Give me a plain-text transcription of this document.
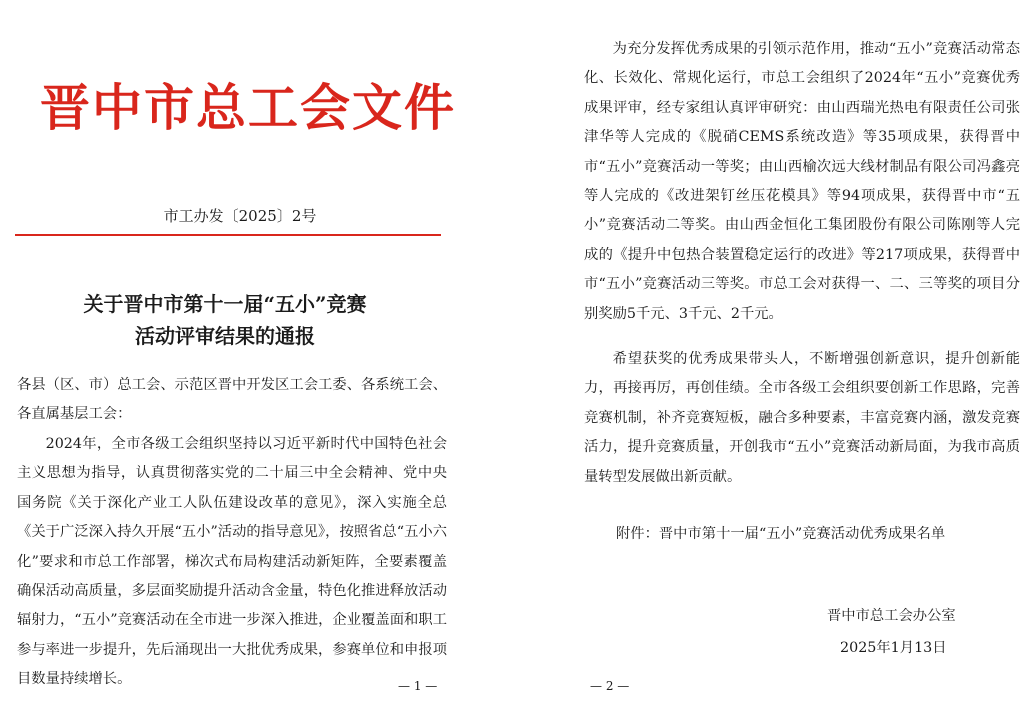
晋中市总工会文件
市工办发〔2025〕2号
关于晋中市第十一届“五小”竞赛
活动评审结果的通报

各县（区、市）总工会、示范区晋中开发区工会工委、各系统工会、各直属基层工会：

2024年，全市各级工会组织坚持以习近平新时代中国特色社会主义思想为指导，认真贯彻落实党的二十届三中全会精神、党中央 国务院《关于深化产业工人队伍建设改革的意见》，深入实施全总《关于广泛深入持久开展“五小”活动的指导意见》，按照省总“五小六化”要求和市总工作部署，梯次式布局构建活动新矩阵，全要素覆盖确保活动高质量，多层面奖励提升活动含金量，特色化推进释放活动辐射力，“五小”竞赛活动在全市进一步深入推进，企业覆盖面和职工参与率进一步提升，先后涌现出一大批优秀成果，参赛单位和申报项目数量持续增长。	— 1 —

为充分发挥优秀成果的引领示范作用，推动“五小”竞赛活动常态化、长效化、常规化运行，市总工会组织了2024年“五小”竞赛优秀成果评审，经专家组认真评审研究：由山西瑞光热电有限责任公司张津华等人完成的《脱硝CEMS系统改造》等35项成果，获得晋中市“五小”竞赛活动一等奖；由山西榆次远大线材制品有限公司冯鑫亮等人完成的《改进架钉丝压花模具》等94项成果，获得晋中市“五小”竞赛活动二等奖。由山西金恒化工集团股份有限公司陈刚等人完成的《提升中包热合装置稳定运行的改进》等217项成果，获得晋中市“五小”竞赛活动三等奖。市总工会对获得一、二、三等奖的项目分别奖励5千元、3千元、2千元。

希望获奖的优秀成果带头人，不断增强创新意识，提升创新能力，再接再厉，再创佳绩。全市各级工会组织要创新工作思路，完善竞赛机制，补齐竞赛短板，融合多种要素，丰富竞赛内涵，激发竞赛活力，提升竞赛质量，开创我市“五小”竞赛活动新局面，为我市高质量转型发展做出新贡献。

附件：晋中市第十一届“五小”竞赛活动优秀成果名单
晋中市总工会办公室
2025年1月13日
— 2 —
